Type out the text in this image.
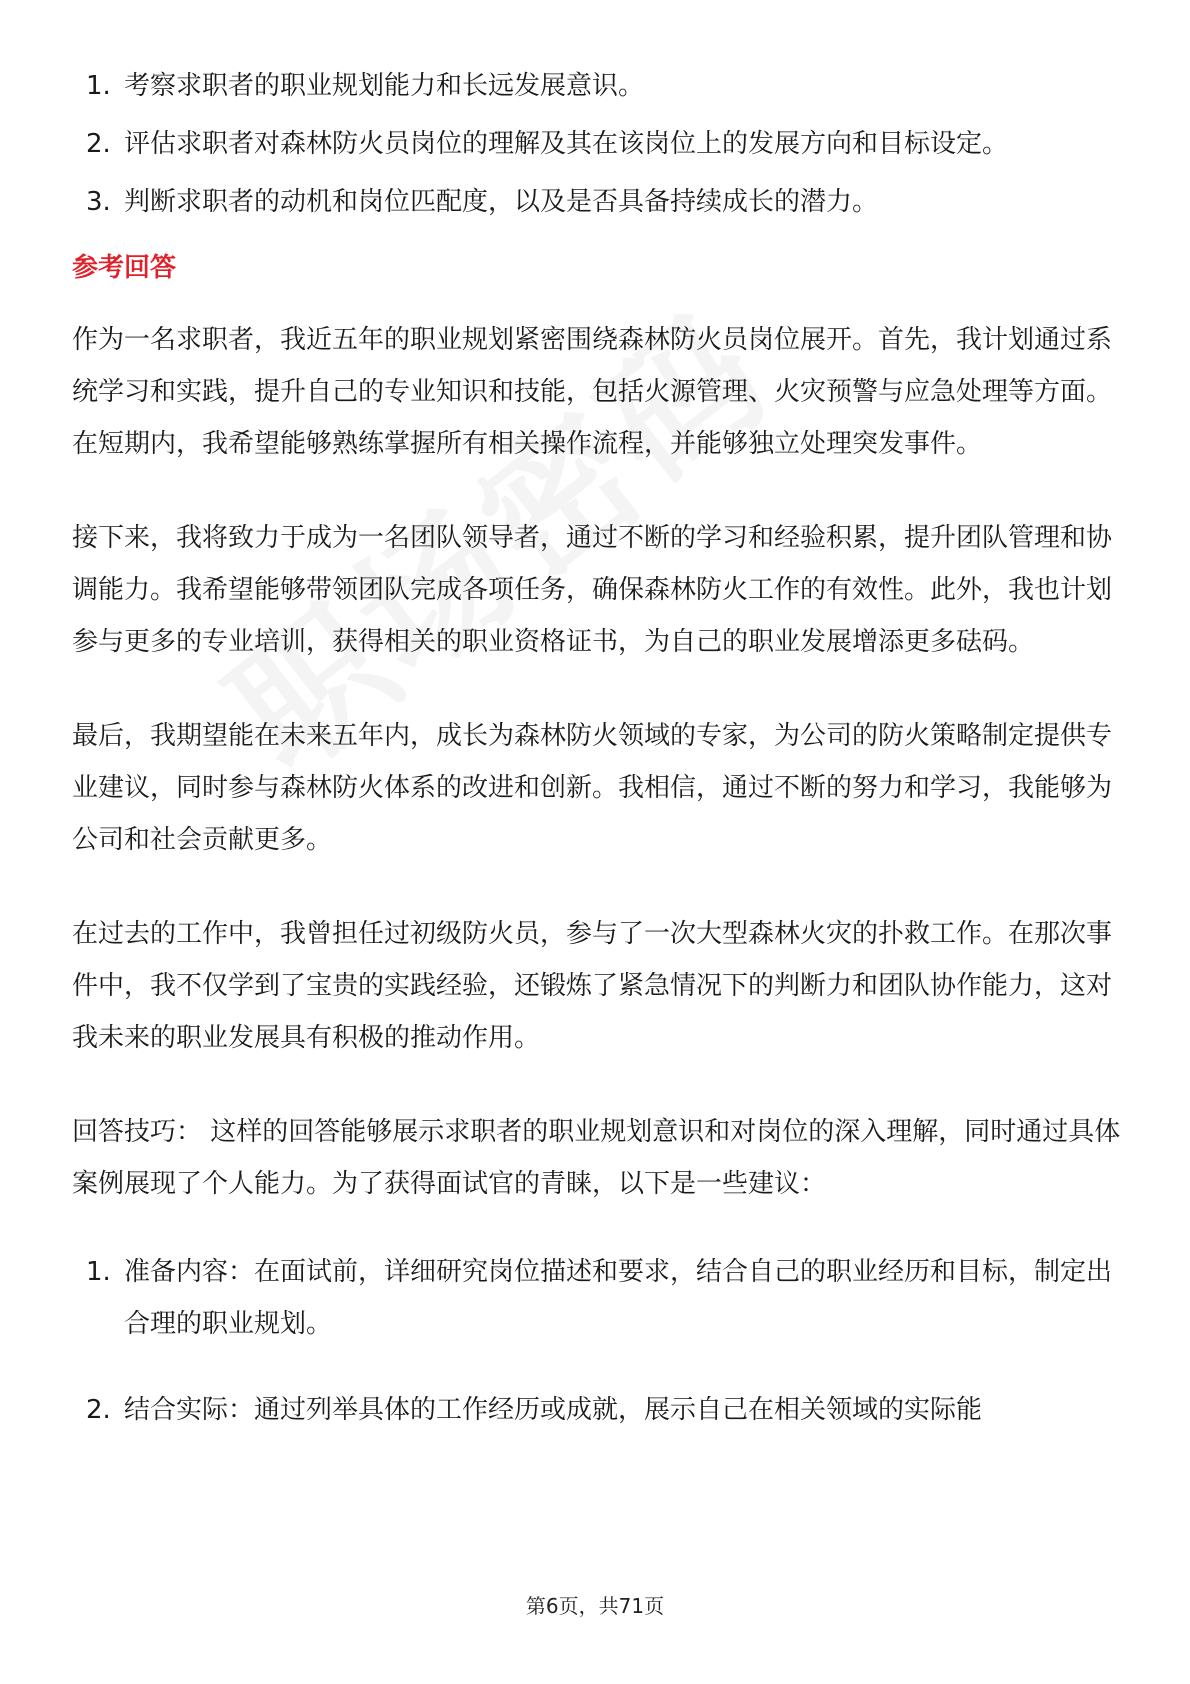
1. 考察求职者的职业规划能力和长远发展意识。
2. 评估求职者对森林防火员岗位的理解及其在该岗位上的发展方向和目标设定。
3. 判断求职者的动机和岗位匹配度，以及是否具备持续成长的潜力。
参考回答

作为一名求职者，我近五年的职业规划紧密围绕森林防火员岗位展开。首先，我计划通过系统学习和实践，提升自己的专业知识和技能，包括火源管理、火灾预警与应急处理等方面。在短期内，我希望能够熟练掌握所有相关操作流程，并能够独立处理突发事件。

接下来，我将致力于成为一名团队领导者，通过不断的学习和经验积累，提升团队管理和协调能力。我希望能够带领团队完成各项任务，确保森林防火工作的有效性。此外，我也计划参与更多的专业培训，获得相关的职业资格证书，为自己的职业发展增添更多砝码。

最后，我期望能在未来五年内，成长为森林防火领域的专家，为公司的防火策略制定提供专业建议，同时参与森林防火体系的改进和创新。我相信，通过不断的努力和学习，我能够为公司和社会贡献更多。

在过去的工作中，我曾担任过初级防火员，参与了一次大型森林火灾的扑救工作。在那次事件中，我不仅学到了宝贵的实践经验，还锻炼了紧急情况下的判断力和团队协作能力，这对我未来的职业发展具有积极的推动作用。

回答技巧： 这样的回答能够展示求职者的职业规划意识和对岗位的深入理解，同时通过具体案例展现了个人能力。为了获得面试官的青睐，以下是一些建议：

1. 准备内容：在面试前，详细研究岗位描述和要求，结合自己的职业经历和目标，制定出合理的职业规划。
2. 结合实际：通过列举具体的工作经历或成就，展示自己在相关领域的实际能
第6页，共71页
